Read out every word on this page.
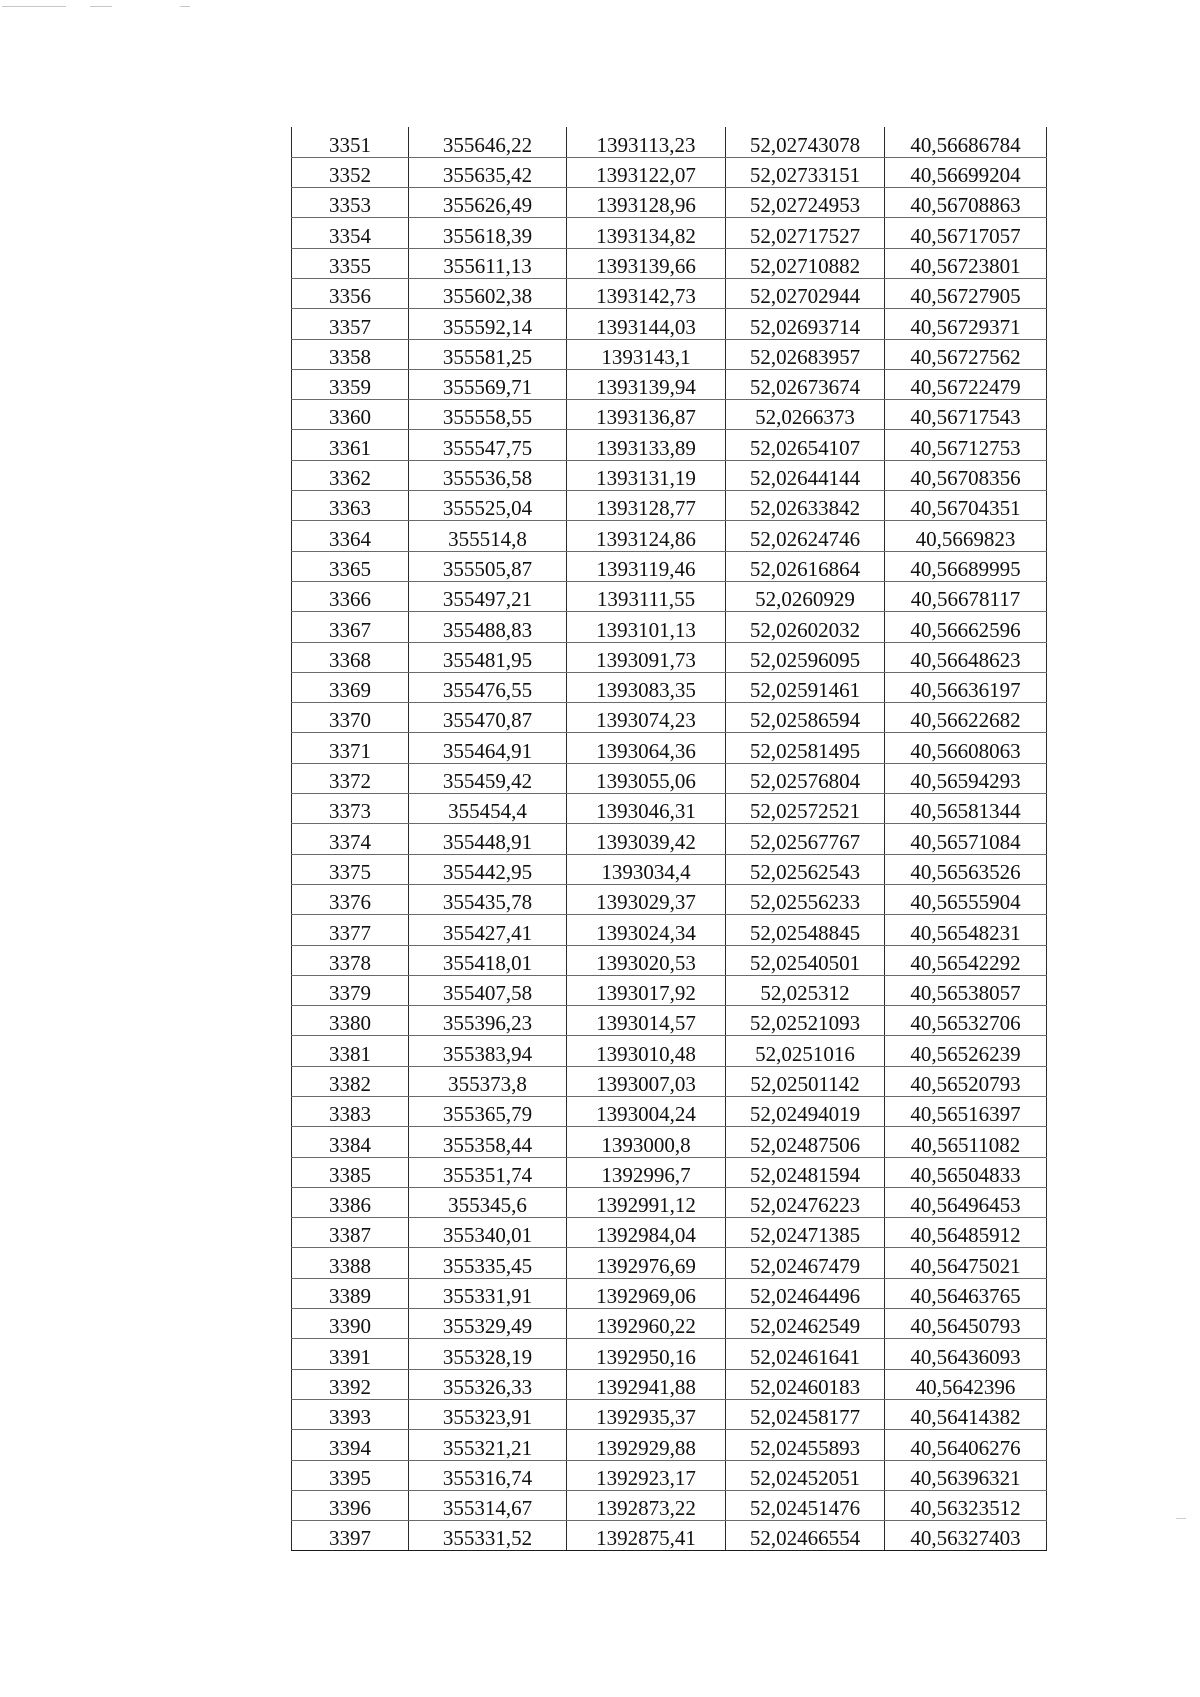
3351	355646,22	1393113,23	52,02743078	40,56686784
3352	355635,42	1393122,07	52,02733151	40,56699204
3353	355626,49	1393128,96	52,02724953	40,56708863
3354	355618,39	1393134,82	52,02717527	40,56717057
3355	355611,13	1393139,66	52,02710882	40,56723801
3356	355602,38	1393142,73	52,02702944	40,56727905
3357	355592,14	1393144,03	52,02693714	40,56729371
3358	355581,25	1393143,1	52,02683957	40,56727562
3359	355569,71	1393139,94	52,02673674	40,56722479
3360	355558,55	1393136,87	52,0266373	40,56717543
3361	355547,75	1393133,89	52,02654107	40,56712753
3362	355536,58	1393131,19	52,02644144	40,56708356
3363	355525,04	1393128,77	52,02633842	40,56704351
3364	355514,8	1393124,86	52,02624746	40,5669823
3365	355505,87	1393119,46	52,02616864	40,56689995
3366	355497,21	1393111,55	52,0260929	40,56678117
3367	355488,83	1393101,13	52,02602032	40,56662596
3368	355481,95	1393091,73	52,02596095	40,56648623
3369	355476,55	1393083,35	52,02591461	40,56636197
3370	355470,87	1393074,23	52,02586594	40,56622682
3371	355464,91	1393064,36	52,02581495	40,56608063
3372	355459,42	1393055,06	52,02576804	40,56594293
3373	355454,4	1393046,31	52,02572521	40,56581344
3374	355448,91	1393039,42	52,02567767	40,56571084
3375	355442,95	1393034,4	52,02562543	40,56563526
3376	355435,78	1393029,37	52,02556233	40,56555904
3377	355427,41	1393024,34	52,02548845	40,56548231
3378	355418,01	1393020,53	52,02540501	40,56542292
3379	355407,58	1393017,92	52,025312	40,56538057
3380	355396,23	1393014,57	52,02521093	40,56532706
3381	355383,94	1393010,48	52,0251016	40,56526239
3382	355373,8	1393007,03	52,02501142	40,56520793
3383	355365,79	1393004,24	52,02494019	40,56516397
3384	355358,44	1393000,8	52,02487506	40,56511082
3385	355351,74	1392996,7	52,02481594	40,56504833
3386	355345,6	1392991,12	52,02476223	40,56496453
3387	355340,01	1392984,04	52,02471385	40,56485912
3388	355335,45	1392976,69	52,02467479	40,56475021
3389	355331,91	1392969,06	52,02464496	40,56463765
3390	355329,49	1392960,22	52,02462549	40,56450793
3391	355328,19	1392950,16	52,02461641	40,56436093
3392	355326,33	1392941,88	52,02460183	40,5642396
3393	355323,91	1392935,37	52,02458177	40,56414382
3394	355321,21	1392929,88	52,02455893	40,56406276
3395	355316,74	1392923,17	52,02452051	40,56396321
3396	355314,67	1392873,22	52,02451476	40,56323512
3397	355331,52	1392875,41	52,02466554	40,56327403
